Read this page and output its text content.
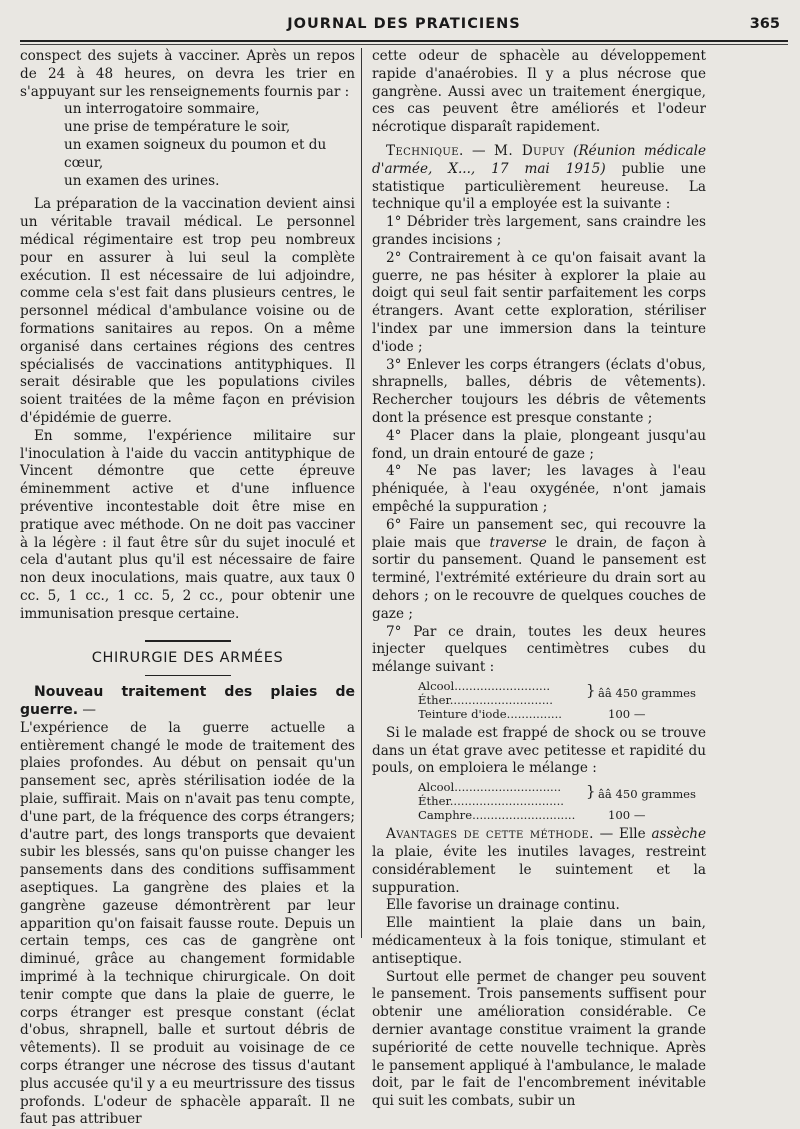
JOURNAL DES PRATICIENS	365

conspect des sujets à vacciner. Après un repos de 24 à 48 heures, on devra les trier en s'appuyant sur les renseignements fournis par :

un interrogatoire sommaire,

une prise de température le soir,

un examen soigneux du poumon et du cœur,

un examen des urines.

La préparation de la vaccination devient ainsi un véritable travail médical. Le personnel médical régimentaire est trop peu nombreux pour en assurer à lui seul la complète exécution. Il est nécessaire de lui adjoindre, comme cela s'est fait dans plusieurs centres, le personnel médical d'ambulance voisine ou de formations sanitaires au repos. On a même organisé dans certaines régions des centres spécialisés de vaccinations antityphiques. Il serait désirable que les populations civiles soient traitées de la même façon en prévision d'épidémie de guerre.

En somme, l'expérience militaire sur l'inoculation à l'aide du vaccin antityphique de Vincent démontre que cette épreuve éminemment active et d'une influence préventive incontestable doit être mise en pratique avec méthode. On ne doit pas vacciner à la légère : il faut être sûr du sujet inoculé et cela d'autant plus qu'il est nécessaire de faire non deux inoculations, mais quatre, aux taux 0 cc. 5, 1 cc., 1 cc. 5, 2 cc., pour obtenir une immunisation presque certaine.

CHIRURGIE DES ARMÉES

Nouveau traitement des plaies de guerre. —

L'expérience de la guerre actuelle a entièrement changé le mode de traitement des plaies profondes. Au début on pensait qu'un pansement sec, après stérilisation iodée de la plaie, suffirait. Mais on n'avait pas tenu compte, d'une part, de la fréquence des corps étrangers; d'autre part, des longs transports que devaient subir les blessés, sans qu'on puisse changer les pansements dans des conditions suffisamment aseptiques. La gangrène des plaies et la gangrène gazeuse démontrèrent par leur apparition qu'on faisait fausse route. Depuis un certain temps, ces cas de gangrène ont diminué, grâce au changement formidable imprimé à la technique chirurgicale. On doit tenir compte que dans la plaie de guerre, le corps étranger est presque constant (éclat d'obus, shrapnell, balle et surtout débris de vêtements). Il se produit au voisinage de ce corps étranger une nécrose des tissus d'autant plus accusée qu'il y a eu meurtrissure des tissus profonds. L'odeur de sphacèle apparaît. Il ne faut pas attribuer

cette odeur de sphacèle au développement rapide d'anaérobies. Il y a plus nécrose que gangrène. Aussi avec un traitement énergique, ces cas peuvent être améliorés et l'odeur nécrotique disparaît rapidement.

Technique. — M. Dupuy (Réunion médicale d'armée, X..., 17 mai 1915) publie une statistique particulièrement heureuse. La technique qu'il a employée est la suivante :

1° Débrider très largement, sans craindre les grandes incisions ;

2° Contrairement à ce qu'on faisait avant la guerre, ne pas hésiter à explorer la plaie au doigt qui seul fait sentir parfaitement les corps étrangers. Avant cette exploration, stériliser l'index par une immersion dans la teinture d'iode ;

3° Enlever les corps étrangers (éclats d'obus, shrapnells, balles, débris de vêtements). Rechercher toujours les débris de vêtements dont la présence est presque constante ;

4° Placer dans la plaie, plongeant jusqu'au fond, un drain entouré de gaze ;

4° Ne pas laver; les lavages à l'eau phéniquée, à l'eau oxygénée, n'ont jamais empêché la suppuration ;

6° Faire un pansement sec, qui recouvre la plaie mais que traverse le drain, de façon à sortir du pansement. Quand le pansement est terminé, l'extrémité extérieure du drain sort au dehors ; on le recouvre de quelques couches de gaze ;

7° Par ce drain, toutes les deux heures injecter quelques centimètres cubes du mélange suivant :

Alcool.......................... } ââ 450 grammes
Éther............................
Teinture d'iode...............	100 —

Si le malade est frappé de shock ou se trouve dans un état grave avec petitesse et rapidité du pouls, on emploiera le mélange :

Alcool............................. } ââ 450 grammes
Éther...............................
Camphre............................	100 —

Avantages de cette méthode. — Elle assèche la plaie, évite les inutiles lavages, restreint considérablement le suintement et la suppuration.

Elle favorise un drainage continu.

Elle maintient la plaie dans un bain, médicamenteux à la fois tonique, stimulant et antiseptique.

Surtout elle permet de changer peu souvent le pansement. Trois pansements suffisent pour obtenir une amélioration considérable. Ce dernier avantage constitue vraiment la grande supériorité de cette nouvelle technique. Après le pansement appliqué à l'ambulance, le malade doit, par le fait de l'encombrement inévitable qui suit les combats, subir un
